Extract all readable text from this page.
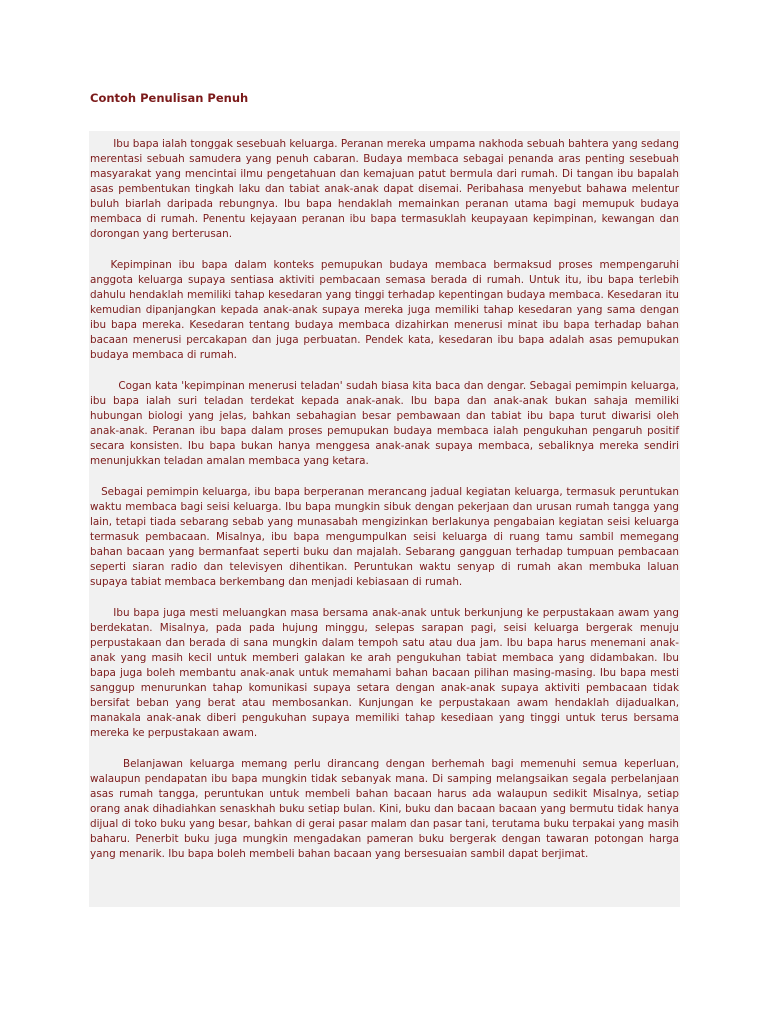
Contoh Penulisan Penuh

Ibu bapa ialah tonggak sesebuah keluarga. Peranan mereka umpama nakhoda sebuah bahtera yang sedang merentasi sebuah samudera yang penuh cabaran. Budaya membaca sebagai penanda aras penting sesebuah masyarakat yang mencintai ilmu pengetahuan dan kemajuan patut bermula dari rumah. Di tangan ibu bapalah asas pembentukan tingkah laku dan tabiat anak-anak dapat disemai. Peribahasa menyebut bahawa melentur buluh biarlah daripada rebungnya. Ibu bapa hendaklah memainkan peranan utama bagi memupuk budaya membaca di rumah. Penentu kejayaan peranan ibu bapa termasuklah keupayaan kepimpinan, kewangan dan dorongan yang berterusan.

Kepimpinan ibu bapa dalam konteks pemupukan budaya membaca bermaksud proses mempengaruhi anggota keluarga supaya sentiasa aktiviti pembacaan semasa berada di rumah. Untuk itu, ibu bapa terlebih dahulu hendaklah memiliki tahap kesedaran yang tinggi terhadap kepentingan budaya membaca. Kesedaran itu kemudian dipanjangkan kepada anak-anak supaya mereka juga memiliki tahap kesedaran yang sama dengan ibu bapa mereka. Kesedaran tentang budaya membaca dizahirkan menerusi minat ibu bapa terhadap bahan bacaan menerusi percakapan dan juga perbuatan. Pendek kata, kesedaran ibu bapa adalah asas pemupukan budaya membaca di rumah.

Cogan kata 'kepimpinan menerusi teladan' sudah biasa kita baca dan dengar. Sebagai pemimpin keluarga, ibu bapa ialah suri teladan terdekat kepada anak-anak. Ibu bapa dan anak-anak bukan sahaja memiliki hubungan biologi yang jelas, bahkan sebahagian besar pembawaan dan tabiat ibu bapa turut diwarisi oleh anak-anak. Peranan ibu bapa dalam proses pemupukan budaya membaca ialah pengukuhan pengaruh positif secara konsisten. Ibu bapa bukan hanya menggesa anak-anak supaya membaca, sebaliknya mereka sendiri menunjukkan teladan amalan membaca yang ketara.

Sebagai pemimpin keluarga, ibu bapa berperanan merancang jadual kegiatan keluarga, termasuk peruntukan waktu membaca bagi seisi keluarga. Ibu bapa mungkin sibuk dengan pekerjaan dan urusan rumah tangga yang lain, tetapi tiada sebarang sebab yang munasabah mengizinkan berlakunya pengabaian kegiatan seisi keluarga termasuk pembacaan. Misalnya, ibu bapa mengumpulkan seisi keluarga di ruang tamu sambil memegang bahan bacaan yang bermanfaat seperti buku dan majalah. Sebarang gangguan terhadap tumpuan pembacaan seperti siaran radio dan televisyen dihentikan. Peruntukan waktu senyap di rumah akan membuka laluan supaya tabiat membaca berkembang dan menjadi kebiasaan di rumah.

Ibu bapa juga mesti meluangkan masa bersama anak-anak untuk berkunjung ke perpustakaan awam yang berdekatan. Misalnya, pada pada hujung minggu, selepas sarapan pagi, seisi keluarga bergerak menuju perpustakaan dan berada di sana mungkin dalam tempoh satu atau dua jam. Ibu bapa harus menemani anak-anak yang masih kecil untuk memberi galakan ke arah pengukuhan tabiat membaca yang didambakan. Ibu bapa juga boleh membantu anak-anak untuk memahami bahan bacaan pilihan masing-masing. Ibu bapa mesti sanggup menurunkan tahap komunikasi supaya setara dengan anak-anak supaya aktiviti pembacaan tidak bersifat beban yang berat atau membosankan. Kunjungan ke perpustakaan awam hendaklah dijadualkan, manakala anak-anak diberi pengukuhan supaya memiliki tahap kesediaan yang tinggi untuk terus bersama mereka ke perpustakaan awam.

Belanjawan keluarga memang perlu dirancang dengan berhemah bagi memenuhi semua keperluan, walaupun pendapatan ibu bapa mungkin tidak sebanyak mana. Di samping melangsaikan segala perbelanjaan asas rumah tangga, peruntukan untuk membeli bahan bacaan harus ada walaupun sedikit Misalnya, setiap orang anak dihadiahkan senaskhah buku setiap bulan. Kini, buku dan bacaan bacaan yang bermutu tidak hanya dijual di toko buku yang besar, bahkan di gerai pasar malam dan pasar tani, terutama buku terpakai yang masih baharu. Penerbit buku juga mungkin mengadakan pameran buku bergerak dengan tawaran potongan harga yang menarik. Ibu bapa boleh membeli bahan bacaan yang bersesuaian sambil dapat berjimat.
